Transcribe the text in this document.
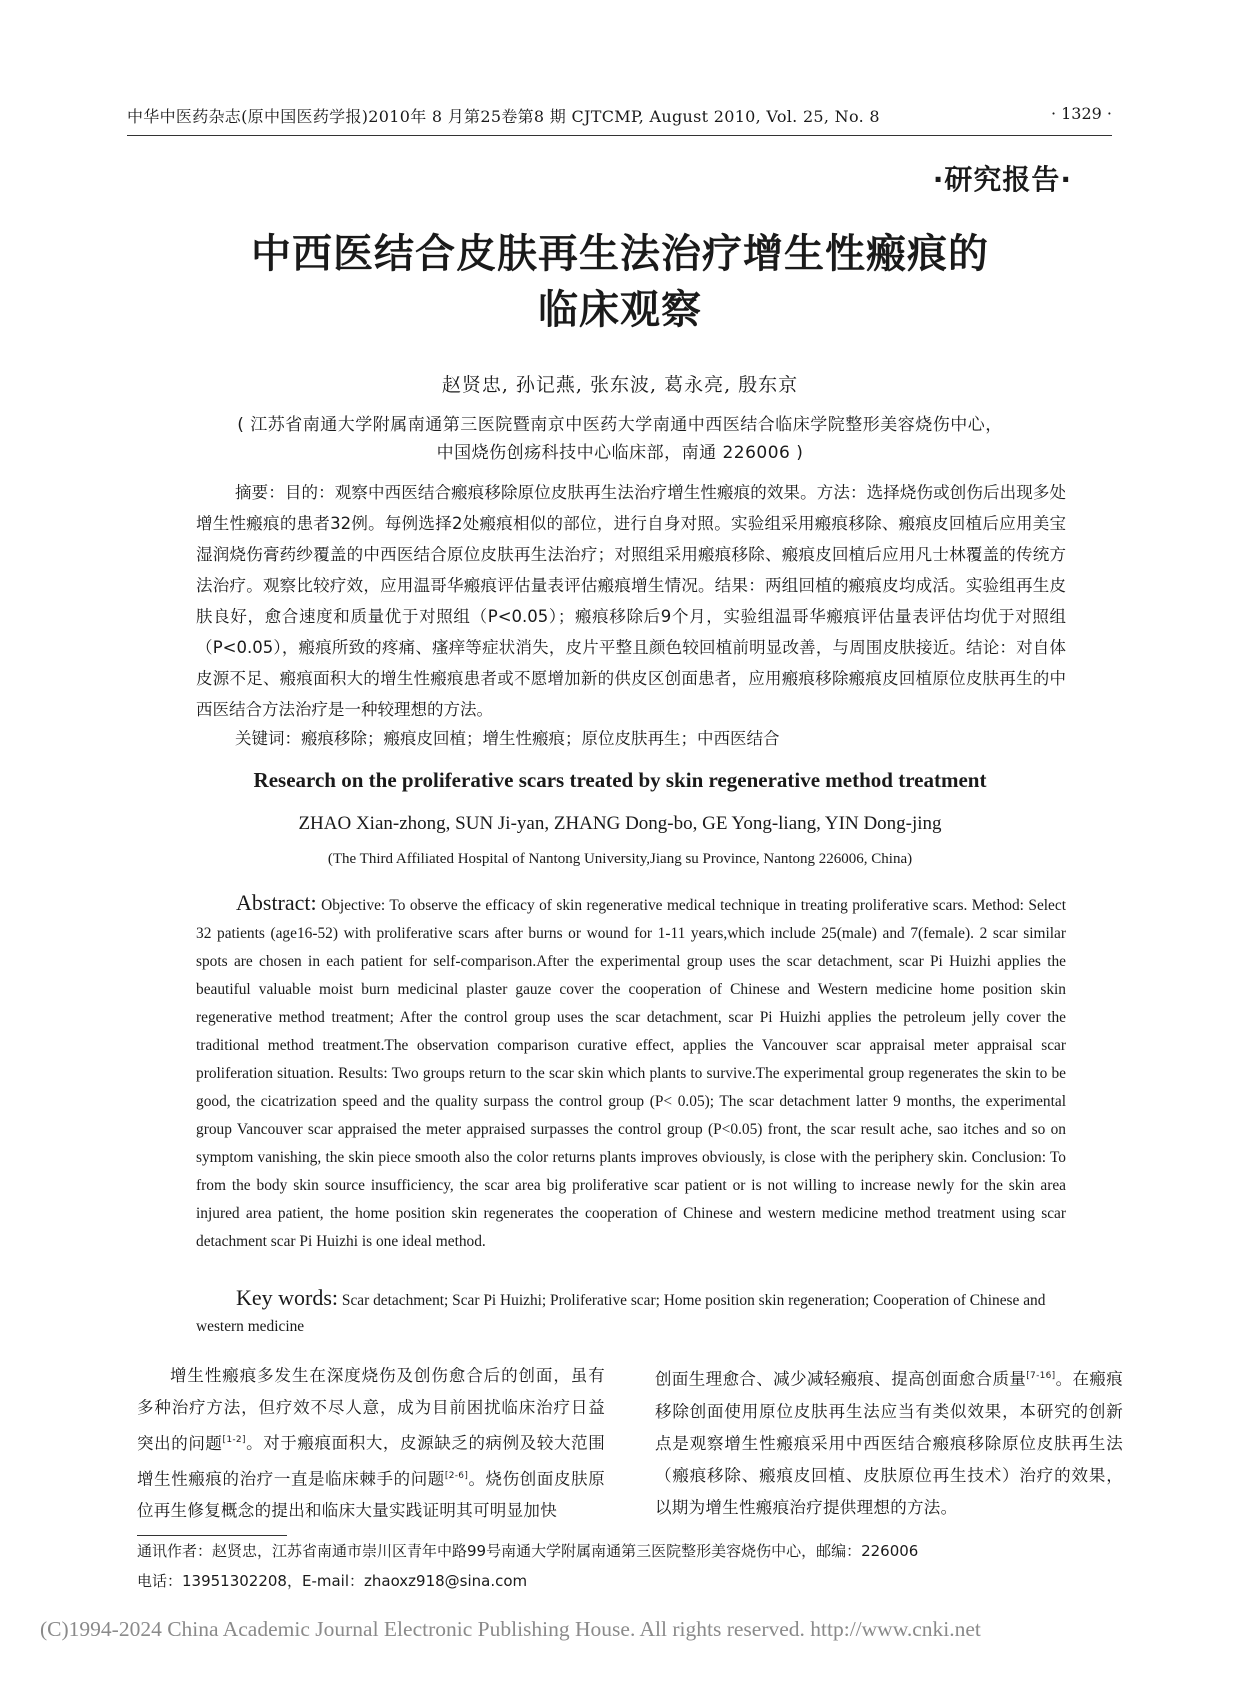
中华中医药杂志(原中国医药学报)2010年 8 月第25卷第8 期 CJTCMP, August 2010, Vol. 25, No. 8	· 1329 ·
·研究报告·
中西医结合皮肤再生法治疗增生性瘢痕的
临床观察
赵贤忠, 孙记燕, 张东波, 葛永亮, 殷东京
( 江苏省南通大学附属南通第三医院暨南京中医药大学南通中西医结合临床学院整形美容烧伤中心，
中国烧伤创疡科技中心临床部，南通 226006 )
摘要：目的：观察中西医结合瘢痕移除原位皮肤再生法治疗增生性瘢痕的效果。方法：选择烧伤或创伤后出现多处增生性瘢痕的患者32例。每例选择2处瘢痕相似的部位，进行自身对照。实验组采用瘢痕移除、瘢痕皮回植后应用美宝湿润烧伤膏药纱覆盖的中西医结合原位皮肤再生法治疗；对照组采用瘢痕移除、瘢痕皮回植后应用凡士林覆盖的传统方法治疗。观察比较疗效，应用温哥华瘢痕评估量表评估瘢痕增生情况。结果：两组回植的瘢痕皮均成活。实验组再生皮肤良好，愈合速度和质量优于对照组（P<0.05）；瘢痕移除后9个月，实验组温哥华瘢痕评估量表评估均优于对照组（P<0.05），瘢痕所致的疼痛、瘙痒等症状消失，皮片平整且颜色较回植前明显改善，与周围皮肤接近。结论：对自体皮源不足、瘢痕面积大的增生性瘢痕患者或不愿增加新的供皮区创面患者，应用瘢痕移除瘢痕皮回植原位皮肤再生的中西医结合方法治疗是一种较理想的方法。
关键词：瘢痕移除；瘢痕皮回植；增生性瘢痕；原位皮肤再生；中西医结合
Research on the proliferative scars treated by skin regenerative method treatment
ZHAO Xian-zhong, SUN Ji-yan, ZHANG Dong-bo, GE Yong-liang, YIN Dong-jing
(The Third Affiliated Hospital of Nantong University,Jiang su Province, Nantong 226006, China)
Abstract: Objective: To observe the efficacy of skin regenerative medical technique in treating proliferative scars. Method: Select 32 patients (age16-52) with proliferative scars after burns or wound for 1-11 years,which include 25(male) and 7(female). 2 scar similar spots are chosen in each patient for self-comparison.After the experimental group uses the scar detachment, scar Pi Huizhi applies the beautiful valuable moist burn medicinal plaster gauze cover the cooperation of Chinese and Western medicine home position skin regenerative method treatment; After the control group uses the scar detachment, scar Pi Huizhi applies the petroleum jelly cover the traditional method treatment.The observation comparison curative effect, applies the Vancouver scar appraisal meter appraisal scar proliferation situation. Results: Two groups return to the scar skin which plants to survive.The experimental group regenerates the skin to be good, the cicatrization speed and the quality surpass the control group (P< 0.05); The scar detachment latter 9 months, the experimental group Vancouver scar appraised the meter appraised surpasses the control group (P<0.05) front, the scar result ache, sao itches and so on symptom vanishing, the skin piece smooth also the color returns plants improves obviously, is close with the periphery skin. Conclusion: To from the body skin source insufficiency, the scar area big proliferative scar patient or is not willing to increase newly for the skin area injured area patient, the home position skin regenerates the cooperation of Chinese and western medicine method treatment using scar detachment scar Pi Huizhi is one ideal method.
Key words: Scar detachment; Scar Pi Huizhi; Proliferative scar; Home position skin regeneration; Cooperation of Chinese and western medicine
增生性瘢痕多发生在深度烧伤及创伤愈合后的创面，虽有多种治疗方法，但疗效不尽人意，成为目前困扰临床治疗日益突出的问题[1-2]。对于瘢痕面积大，皮源缺乏的病例及较大范围增生性瘢痕的治疗一直是临床棘手的问题[2-6]。烧伤创面皮肤原位再生修复概念的提出和临床大量实践证明其可明显加快
创面生理愈合、减少减轻瘢痕、提高创面愈合质量[7-16]。在瘢痕移除创面使用原位皮肤再生法应当有类似效果，本研究的创新点是观察增生性瘢痕采用中西医结合瘢痕移除原位皮肤再生法（瘢痕移除、瘢痕皮回植、皮肤原位再生技术）治疗的效果，以期为增生性瘢痕治疗提供理想的方法。
通讯作者：赵贤忠，江苏省南通市崇川区青年中路99号南通大学附属南通第三医院整形美容烧伤中心，邮编：226006
电话：13951302208，E-mail：zhaoxz918@sina.com
(C)1994-2024 China Academic Journal Electronic Publishing House. All rights reserved. http://www.cnki.net
